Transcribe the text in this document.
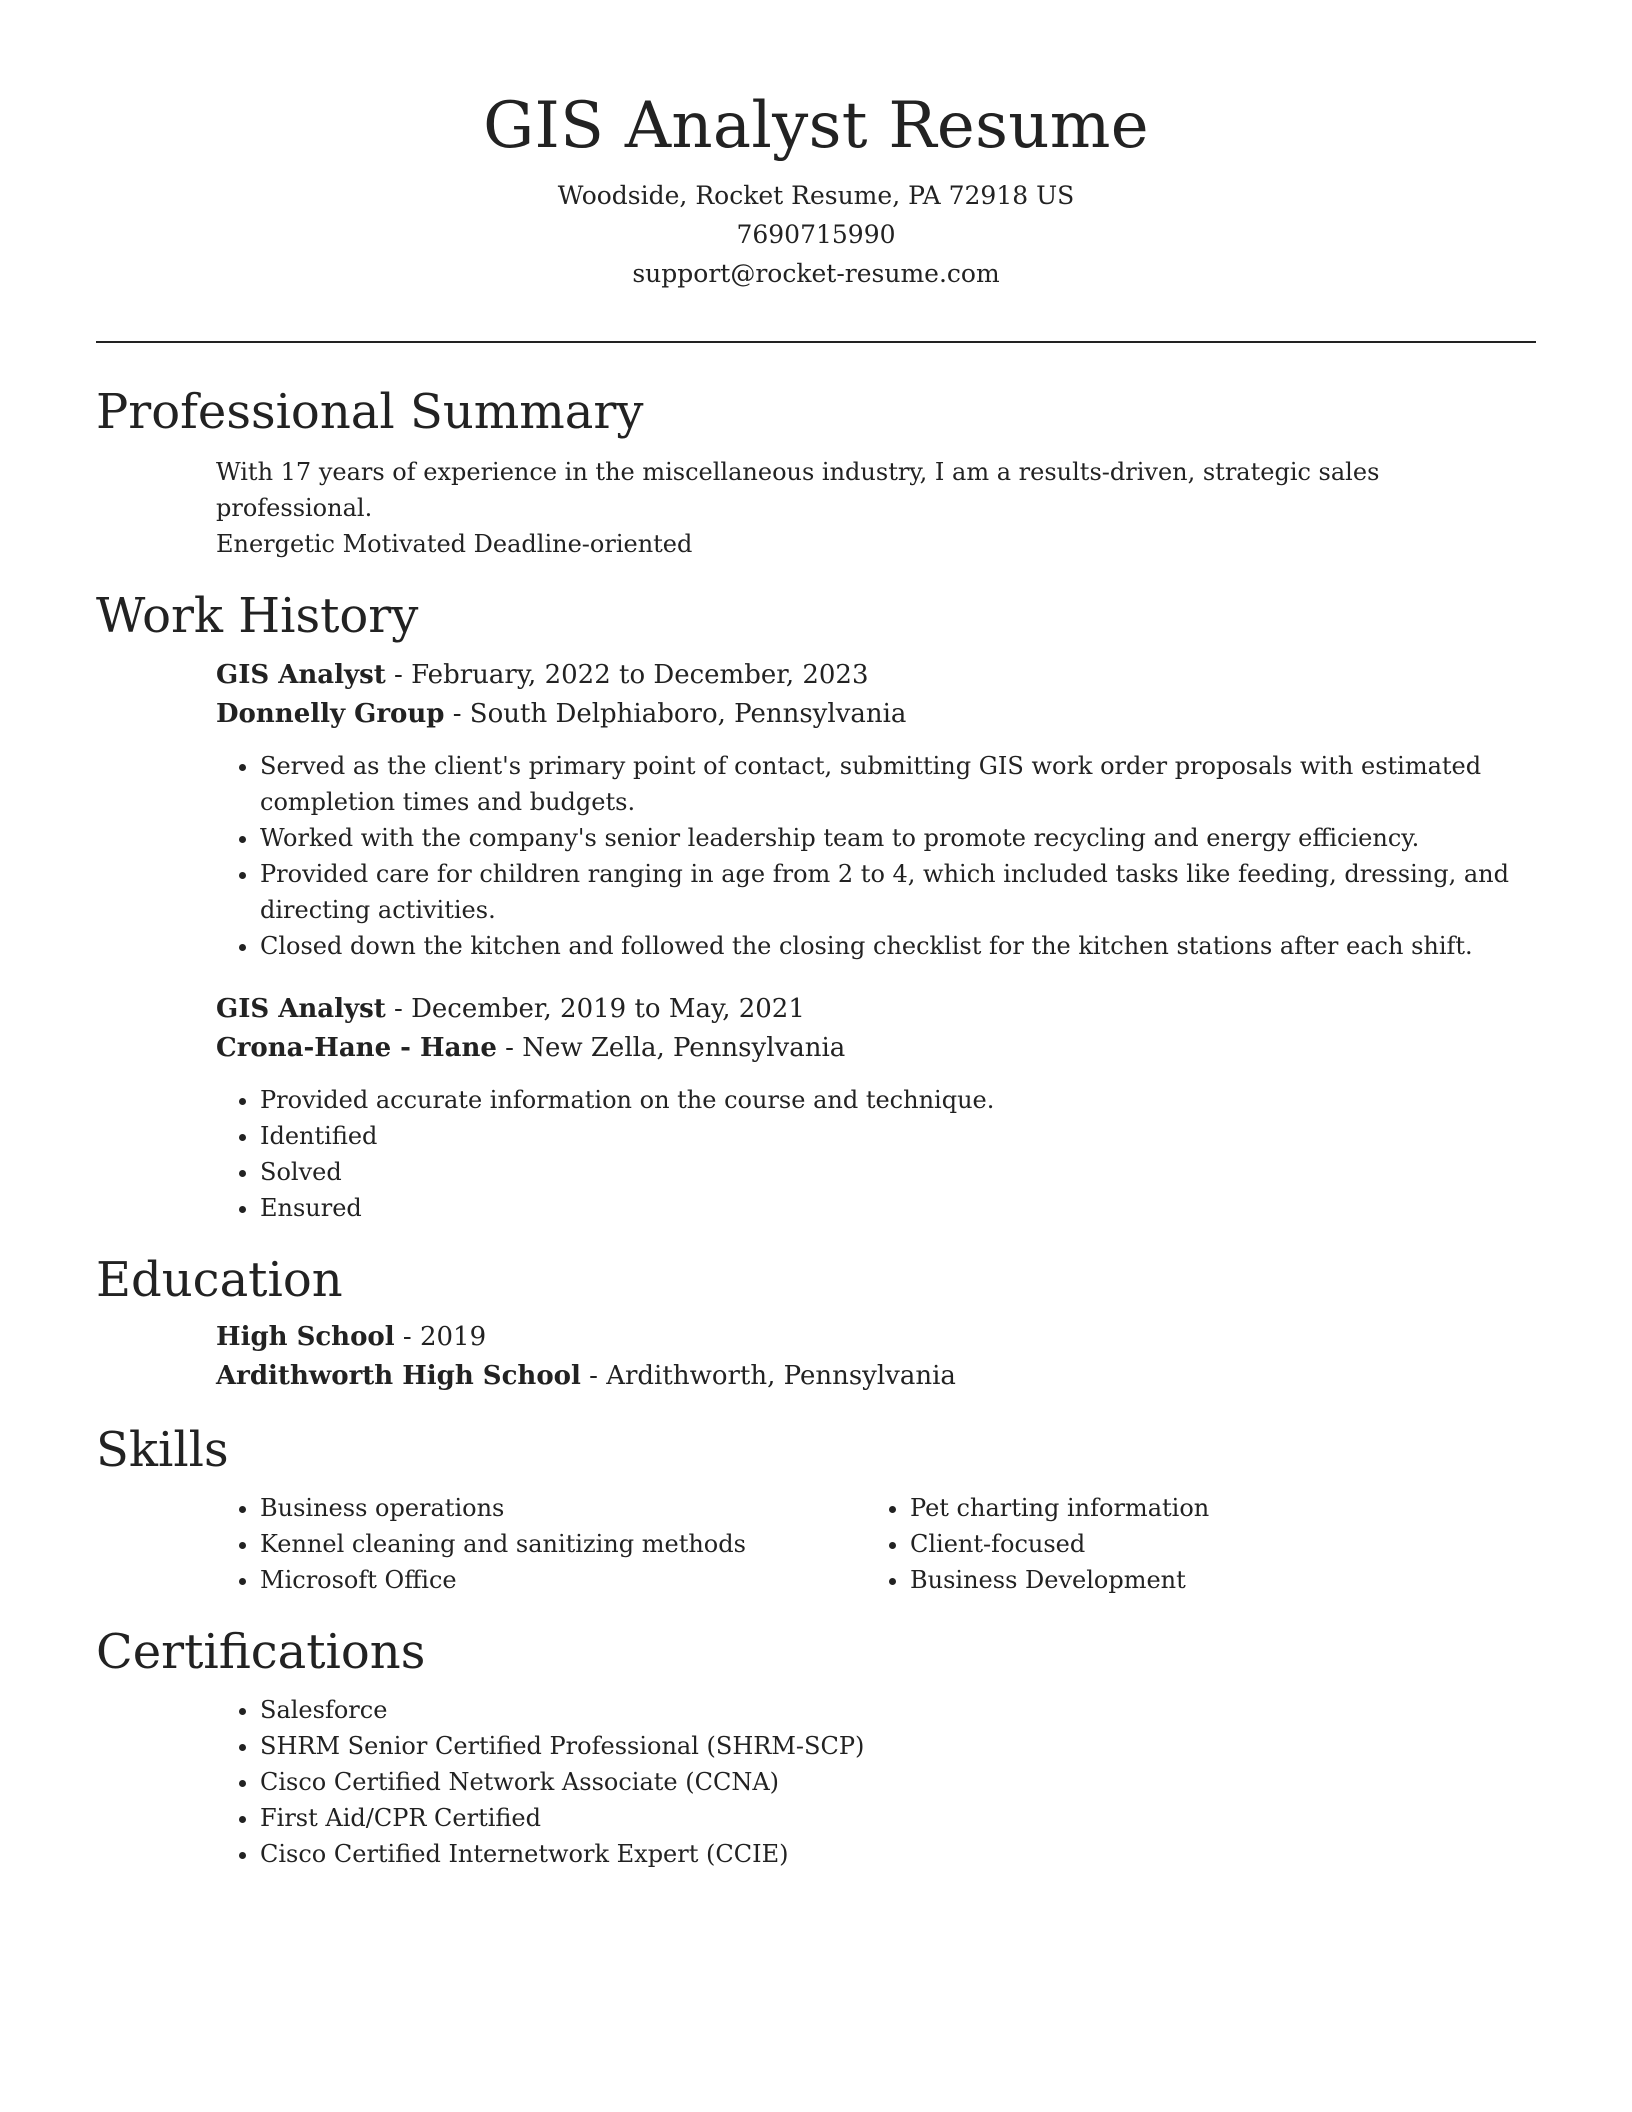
GIS Analyst Resume
Woodside, Rocket Resume, PA 72918 US
7690715990
support@rocket-resume.com
Professional Summary

With 17 years of experience in the miscellaneous industry, I am a results-driven, strategic sales professional.

Energetic Motivated Deadline-oriented

Work History

GIS Analyst - February, 2022 to December, 2023

Donnelly Group - South Delphiaboro, Pennsylvania

• Served as the client's primary point of contact, submitting GIS work order proposals with estimated completion times and budgets.
• Worked with the company's senior leadership team to promote recycling and energy efficiency.
• Provided care for children ranging in age from 2 to 4, which included tasks like feeding, dressing, and directing activities.
• Closed down the kitchen and followed the closing checklist for the kitchen stations after each shift.

GIS Analyst - December, 2019 to May, 2021

Crona-Hane - Hane - New Zella, Pennsylvania

• Provided accurate information on the course and technique.
• Identified
• Solved
• Ensured
Education

High School - 2019

Ardithworth High School - Ardithworth, Pennsylvania

Skills
• Business operations
• Kennel cleaning and sanitizing methods
• Microsoft Office
• Pet charting information
• Client-focused
• Business Development
Certifications
• Salesforce
• SHRM Senior Certified Professional (SHRM-SCP)
• Cisco Certified Network Associate (CCNA)
• First Aid/CPR Certified
• Cisco Certified Internetwork Expert (CCIE)
